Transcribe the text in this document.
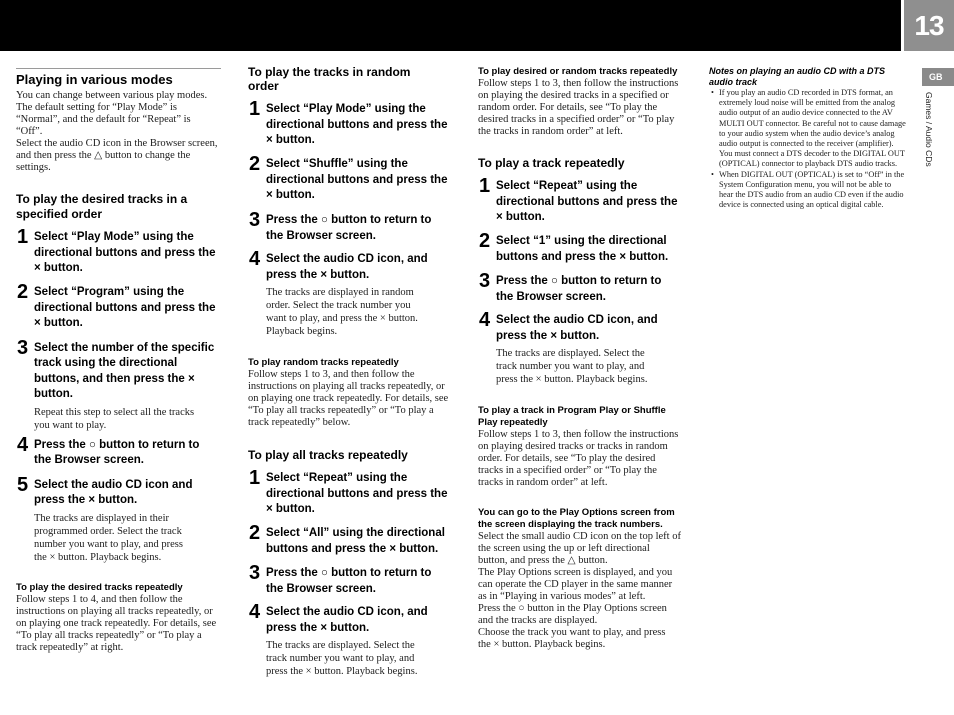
13
GB
Games / Audio CDs
Playing in various modes
You can change between various play modes.
The default setting for “Play Mode” is
“Normal”, and the default for “Repeat” is
“Off”.
Select the audio CD icon in the Browser screen,
and then press the △ button to change the
settings.
To play the desired tracks in a
specified order
1 Select “Play Mode” using the
directional buttons and press the
× button.
2 Select “Program” using the
directional buttons and press the
× button.
3 Select the number of the specific
track using the directional
buttons, and then press the ×
button.
Repeat this step to select all the tracks
you want to play.
4 Press the ○ button to return to
the Browser screen.
5 Select the audio CD icon and
press the × button.
The tracks are displayed in their
programmed order. Select the track
number you want to play, and press
the × button. Playback begins.
To play the desired tracks repeatedly
Follow steps 1 to 4, and then follow the
instructions on playing all tracks repeatedly, or
on playing one track repeatedly. For details, see
“To play all tracks repeatedly” or “To play a
track repeatedly” at right.
To play the tracks in random
order
1 Select “Play Mode” using the
directional buttons and press the
× button.
2 Select “Shuffle” using the
directional buttons and press the
× button.
3 Press the ○ button to return to
the Browser screen.
4 Select the audio CD icon, and
press the × button.
The tracks are displayed in random
order. Select the track number you
want to play, and press the × button.
Playback begins.
To play random tracks repeatedly
Follow steps 1 to 3, and then follow the
instructions on playing all tracks repeatedly, or
on playing one track repeatedly. For details, see
“To play all tracks repeatedly” or “To play a
track repeatedly” below.
To play all tracks repeatedly
1 Select “Repeat” using the
directional buttons and press the
× button.
2 Select “All” using the directional
buttons and press the × button.
3 Press the ○ button to return to
the Browser screen.
4 Select the audio CD icon, and
press the × button.
The tracks are displayed. Select the
track number you want to play, and
press the × button. Playback begins.
To play desired or random tracks repeatedly
Follow steps 1 to 3, then follow the instructions
on playing the desired tracks in a specified or
random order. For details, see “To play the
desired tracks in a specified order” or “To play
the tracks in random order” at left.
To play a track repeatedly
1 Select “Repeat” using the
directional buttons and press the
× button.
2 Select “1” using the directional
buttons and press the × button.
3 Press the ○ button to return to
the Browser screen.
4 Select the audio CD icon, and
press the × button.
The tracks are displayed. Select the
track number you want to play, and
press the × button. Playback begins.
To play a track in Program Play or Shuffle
Play repeatedly
Follow steps 1 to 3, then follow the instructions
on playing desired tracks or tracks in random
order. For details, see “To play the desired
tracks in a specified order” or “To play the
tracks in random order” at left.
You can go to the Play Options screen from
the screen displaying the track numbers.
Select the small audio CD icon on the top left of
the screen using the up or left directional
button, and press the △ button.
The Play Options screen is displayed, and you
can operate the CD player in the same manner
as in “Playing in various modes” at left.
Press the ○ button in the Play Options screen
and the tracks are displayed.
Choose the track you want to play, and press
the × button. Playback begins.
Notes on playing an audio CD with a DTS
audio track
• If you play an audio CD recorded in DTS format, an
extremely loud noise will be emitted from the analog
audio output of an audio device connected to the AV
MULTI OUT connector. Be careful not to cause damage
to your audio system when the audio device’s analog
audio output is connected to the receiver (amplifier).
You must connect a DTS decoder to the DIGITAL OUT
(OPTICAL) connector to playback DTS audio tracks.
• When DIGITAL OUT (OPTICAL) is set to “Off” in the
System Configuration menu, you will not be able to
hear the DTS audio from an audio CD even if the audio
device is connected using an optical digital cable.
